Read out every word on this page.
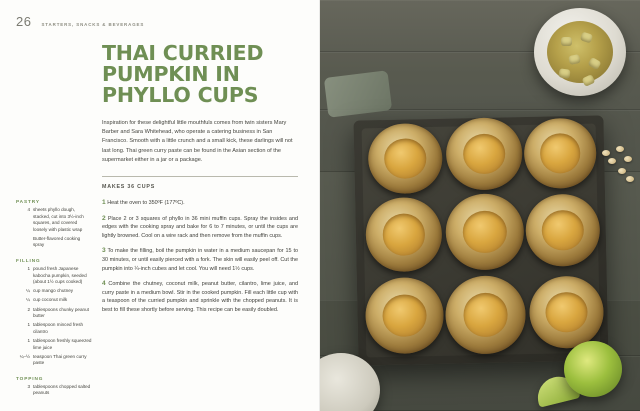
26 STARTERS, SNACKS & BEVERAGES
THAI CURRIED PUMPKIN IN PHYLLO CUPS

Inspiration for these delightful little mouthfuls comes from twin sisters Mary Barber and Sara Whitehead, who operate a catering business in San Francisco. Smooth with a little crunch and a small kick, these darlings will not last long. Thai green curry paste can be found in the Asian section of the supermarket either in a jar or a package.

MAKES 36 CUPS
PASTRY
4 sheets phyllo dough, stacked, cut into 3½-inch squares, and covered loosely with plastic wrap
Butter-flavored cooking spray
FILLING
1 pound fresh Japanese kabocha pumpkin, seeded (about 1½ cups cooked)
¼ cup mango chutney
¼ cup coconut milk
2 tablespoons chunky peanut butter
1 tablespoon minced fresh cilantro
1 tablespoon freshly squeezed lime juice
¼–½ teaspoon Thai green curry paste
TOPPING
3 tablespoons chopped salted peanuts

1 Heat the oven to 350ºF (177ºC).

2 Place 2 or 3 squares of phyllo in 36 mini muffin cups. Spray the insides and edges with the cooking spray and bake for 6 to 7 minutes, or until the cups are lightly browned. Cool on a wire rack and then remove from the muffin cups.

3 To make the filling, boil the pumpkin in water in a medium saucepan for 15 to 30 minutes, or until easily pierced with a fork. The skin will easily peel off. Cut the pumpkin into ¼-inch cubes and let cool. You will need 1½ cups.

4 Combine the chutney, coconut milk, peanut butter, cilantro, lime juice, and curry paste in a medium bowl. Stir in the cooked pumpkin. Fill each little cup with a teaspoon of the curried pumpkin and sprinkle with the chopped peanuts. It is best to fill these shortly before serving. This recipe can be easily doubled.
